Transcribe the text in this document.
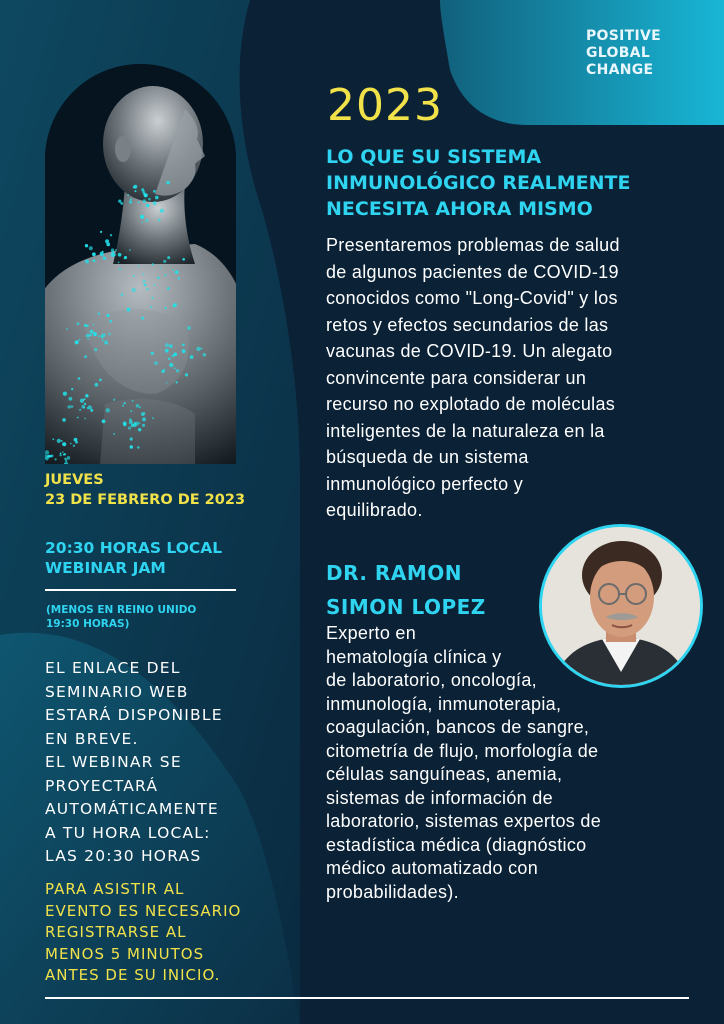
POSITIVE
GLOBAL
CHANGE
2023
LO QUE SU SISTEMA
INMUNOLÓGICO REALMENTE
NECESITA AHORA MISMO
Presentaremos problemas de salud
de algunos pacientes de COVID-19
conocidos como "Long-Covid" y los
retos y efectos secundarios de las
vacunas de COVID-19. Un alegato
convincente para considerar un
recurso no explotado de moléculas
inteligentes de la naturaleza en la
búsqueda de un sistema
inmunológico perfecto y
equilibrado.
JUEVES
23 DE FEBRERO DE 2023
20:30 HORAS LOCAL
WEBINAR JAM
(MENOS EN REINO UNIDO
19:30 HORAS)
EL ENLACE DEL
SEMINARIO WEB
ESTARÁ DISPONIBLE
EN BREVE.
EL WEBINAR SE
PROYECTARÁ
AUTOMÁTICAMENTE
A TU HORA LOCAL:
LAS 20:30 HORAS
PARA ASISTIR AL
EVENTO ES NECESARIO
REGISTRARSE AL
MENOS 5 MINUTOS
ANTES DE SU INICIO.
DR. RAMON
SIMON LOPEZ
Experto en
hematología clínica y
de laboratorio, oncología,
inmunología, inmunoterapia,
coagulación, bancos de sangre,
citometría de flujo, morfología de
células sanguíneas, anemia,
sistemas de información de
laboratorio, sistemas expertos de
estadística médica (diagnóstico
médico automatizado con
probabilidades).
